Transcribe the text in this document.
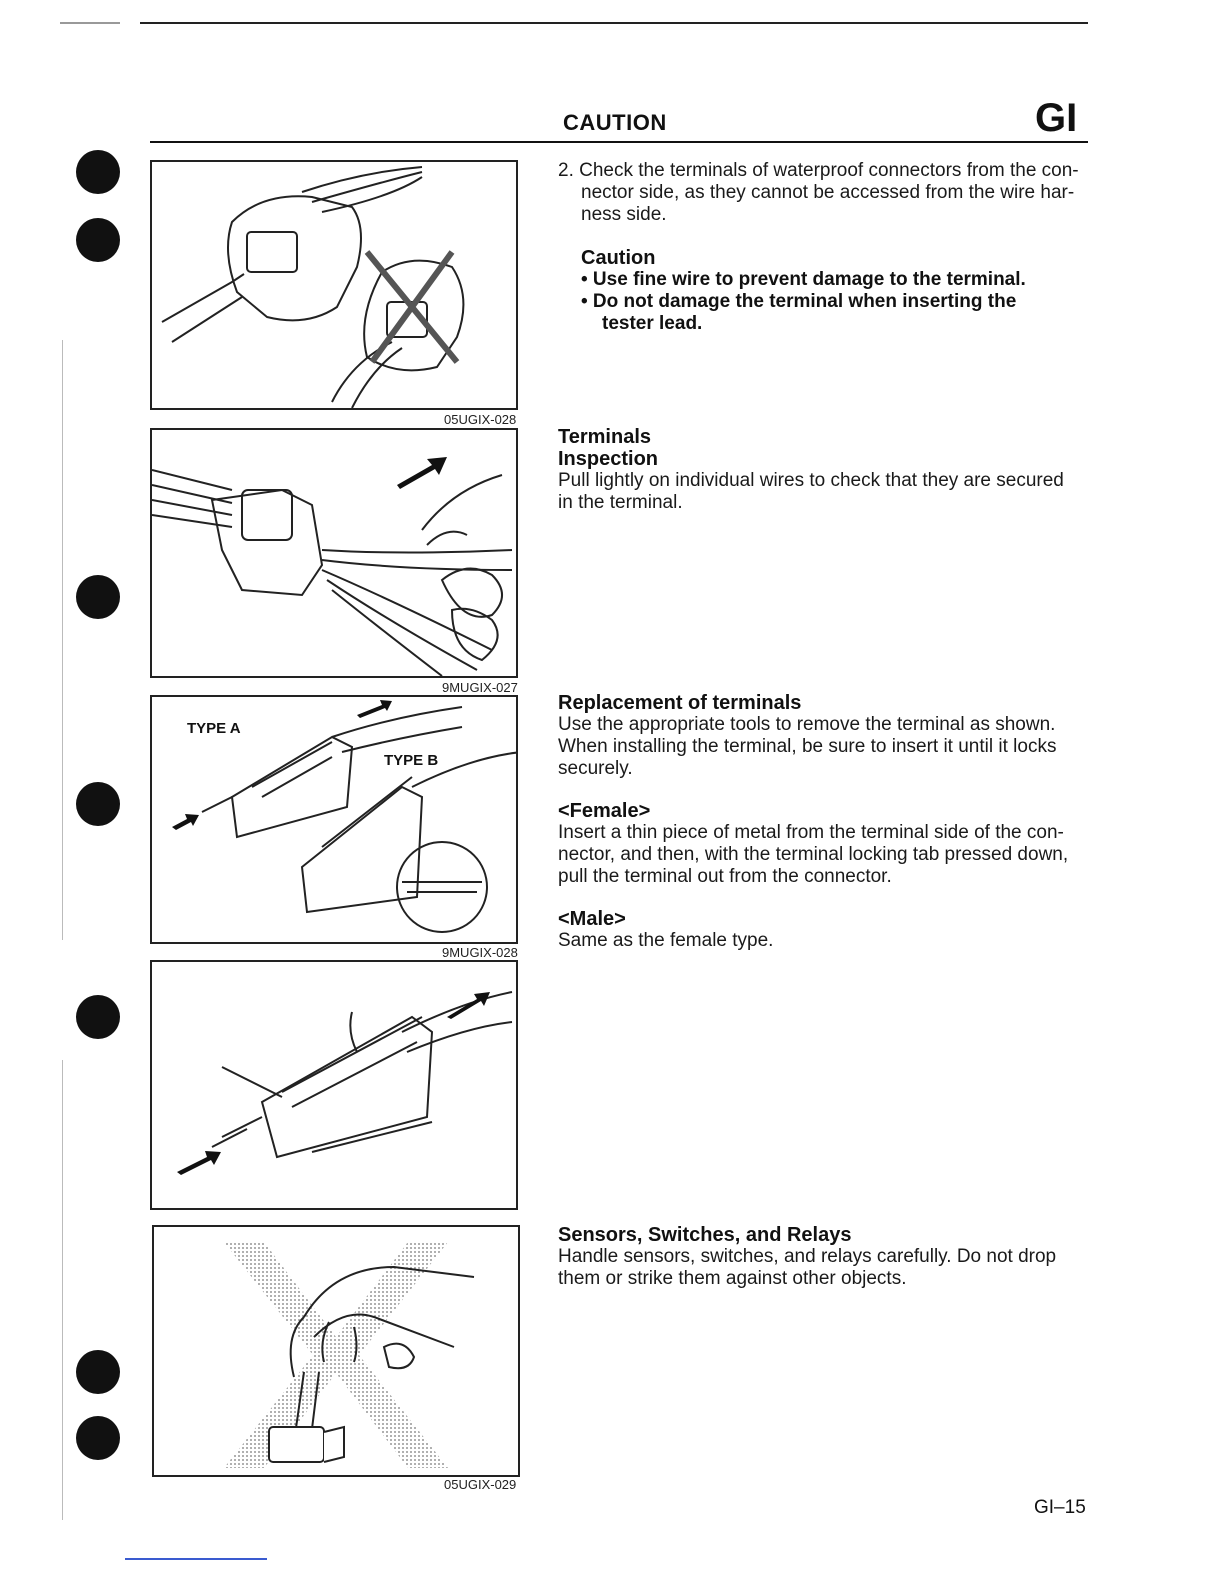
CAUTION	GI
05UGIX-028
9MUGIX-027
TYPE A
TYPE B
9MUGIX-028
05UGIX-029
2. Check the terminals of waterproof connectors from the con-
nector side, as they cannot be accessed from the wire har-
ness side.
Caution
• Use fine wire to prevent damage to the terminal.
• Do not damage the terminal when inserting the
tester lead.
Terminals
Inspection
Pull lightly on individual wires to check that they are secured
in the terminal.
Replacement of terminals
Use the appropriate tools to remove the terminal as shown.
When installing the terminal, be sure to insert it until it locks
securely.
<Female>
Insert a thin piece of metal from the terminal side of the con-
nector, and then, with the terminal locking tab pressed down,
pull the terminal out from the connector.
<Male>
Same as the female type.
Sensors, Switches, and Relays
Handle sensors, switches, and relays carefully. Do not drop
them or strike them against other objects.
GI–15
